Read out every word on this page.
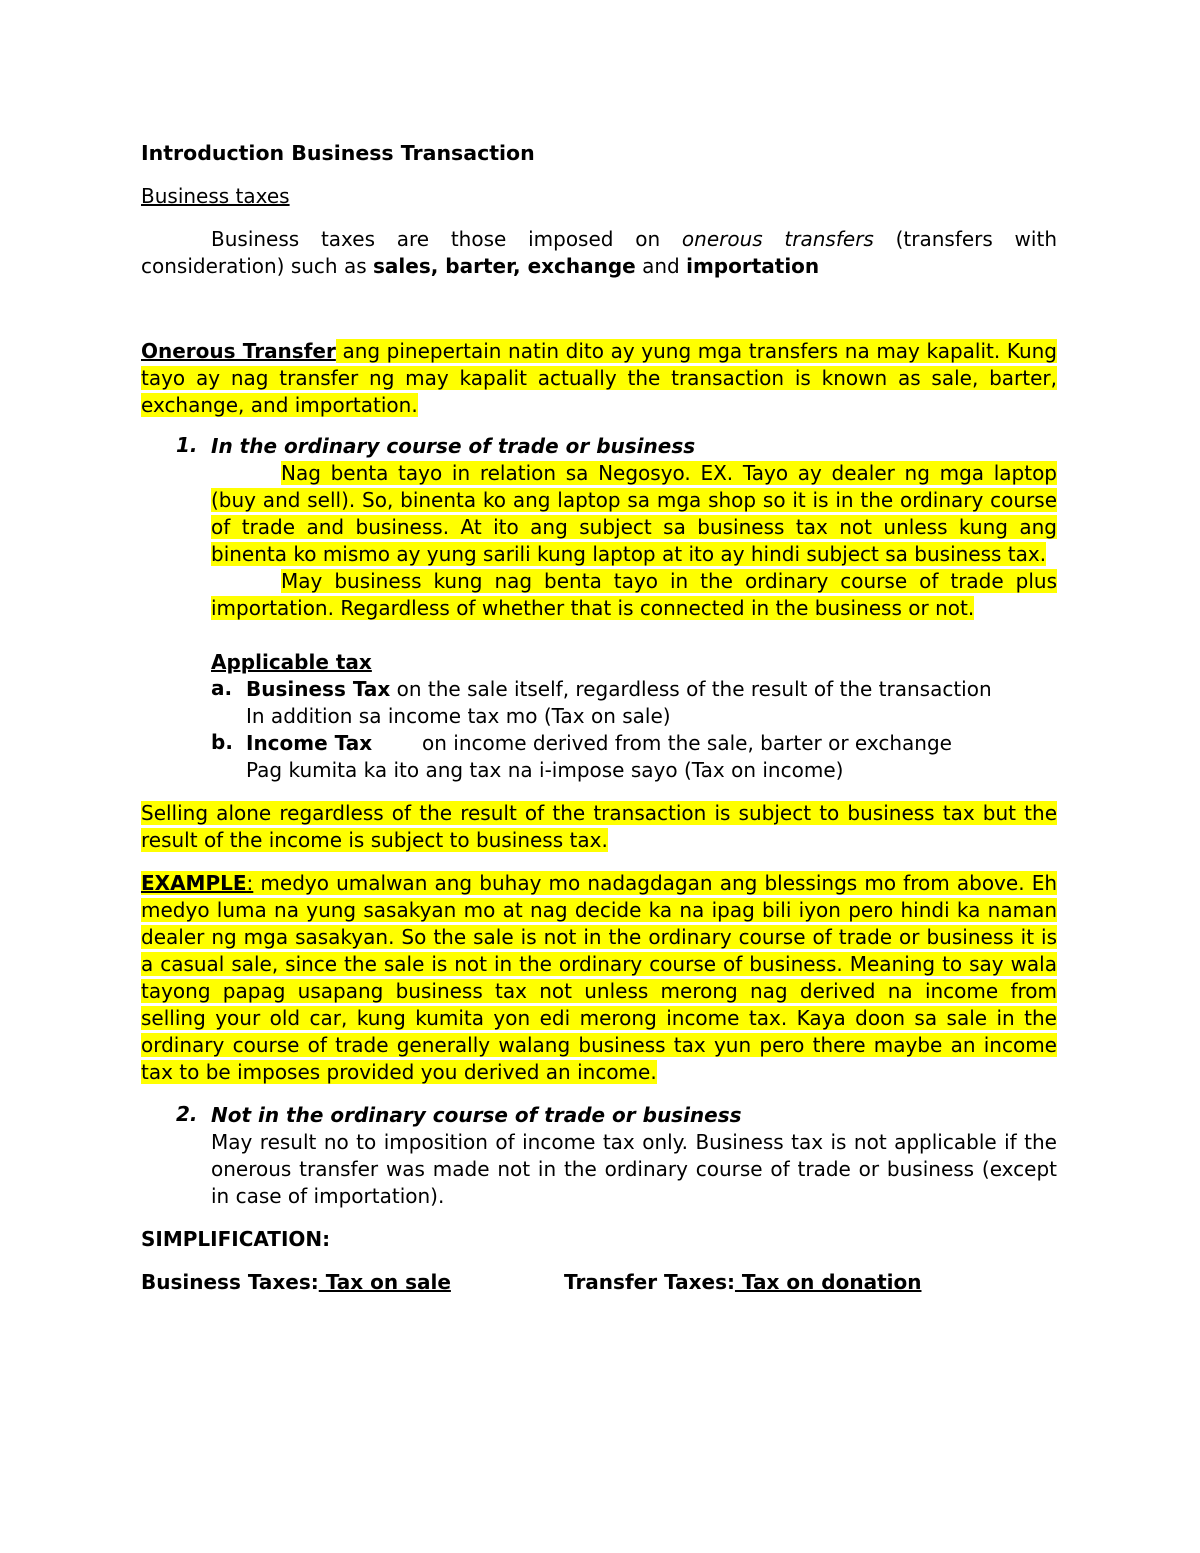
Introduction Business Transaction

Business taxes

Business taxes are those imposed on onerous transfers (transfers with consideration) such as sales, barter, exchange and importation

Onerous Transfer ang pinepertain natin dito ay yung mga transfers na may kapalit. Kung tayo ay nag transfer ng may kapalit actually the transaction is known as sale, barter, exchange, and importation.

1. In the ordinary course of trade or business

Nag benta tayo in relation sa Negosyo. EX. Tayo ay dealer ng mga laptop (buy and sell). So, binenta ko ang laptop sa mga shop so it is in the ordinary course of trade and business. At ito ang subject sa business tax not unless kung ang binenta ko mismo ay yung sarili kung laptop at ito ay hindi subject sa business tax.

May business kung nag benta tayo in the ordinary course of trade plus importation. Regardless of whether that is connected in the business or not.

Applicable tax

a. Business Tax on the sale itself, regardless of the result of the transaction

In addition sa income tax mo (Tax on sale)

b. Income Tax on income derived from the sale, barter or exchange

Pag kumita ka ito ang tax na i-impose sayo (Tax on income)

Selling alone regardless of the result of the transaction is subject to business tax but the result of the income is subject to business tax.

EXAMPLE: medyo umalwan ang buhay mo nadagdagan ang blessings mo from above. Eh medyo luma na yung sasakyan mo at nag decide ka na ipag bili iyon pero hindi ka naman dealer ng mga sasakyan. So the sale is not in the ordinary course of trade or business it is a casual sale, since the sale is not in the ordinary course of business. Meaning to say wala tayong papag usapang business tax not unless merong nag derived na income from selling your old car, kung kumita yon edi merong income tax. Kaya doon sa sale in the ordinary course of trade generally walang business tax yun pero there maybe an income tax to be imposes provided you derived an income.

2. Not in the ordinary course of trade or business

May result no to imposition of income tax only. Business tax is not applicable if the onerous transfer was made not in the ordinary course of trade or business (except in case of importation).

SIMPLIFICATION:

Business Taxes: Tax on sale	Transfer Taxes: Tax on donation
